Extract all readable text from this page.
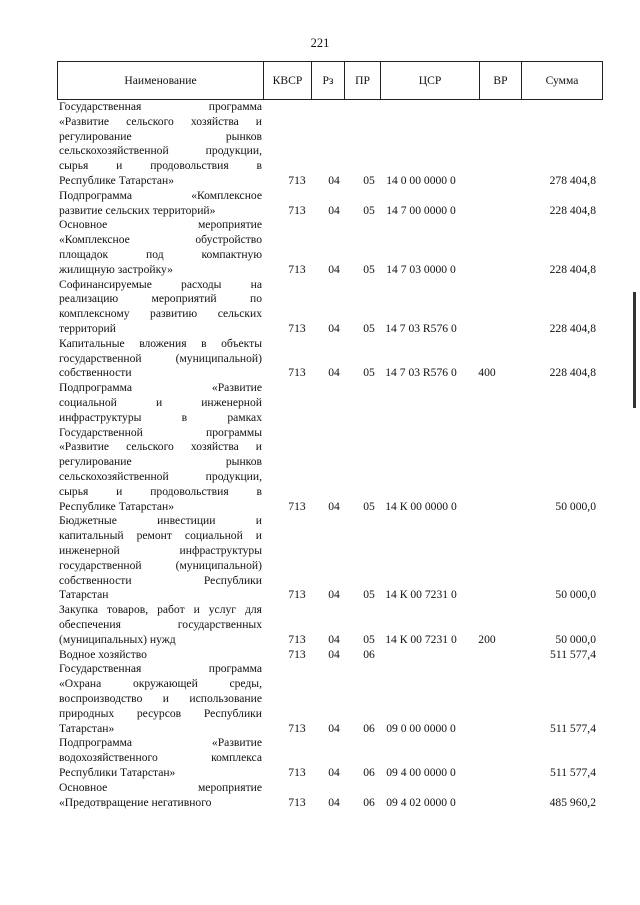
221
Наименование	КВСР	Рз	ПР	ЦСР	ВР	Сумма
Государственная программа
«Развитие сельского хозяйства и
регулирование рынков
сельскохозяйственной продукции,
сырья и продовольствия в
Республике Татарстан»	713	04	05 14 0 00 0000 0	278 404,8
Подпрограмма «Комплексное
развитие сельских территорий»	713	04	05 14 7 00 0000 0	228 404,8
Основное мероприятие
«Комплексное обустройство
площадок под компактную
жилищную застройку»	713	04	05 14 7 03 0000 0	228 404,8
Софинансируемые расходы на
реализацию мероприятий по
комплексному развитию сельских
территорий	713	04	05 14 7 03 R576 0	228 404,8
Капитальные вложения в объекты
государственной (муниципальной)
собственности	713	04	05 14 7 03 R576 0	400	228 404,8
Подпрограмма «Развитие
социальной и инженерной
инфраструктуры в рамках
Государственной программы
«Развитие сельского хозяйства и
регулирование рынков
сельскохозяйственной продукции,
сырья и продовольствия в
Республике Татарстан»	713	04	05 14 К 00 0000 0	50 000,0
Бюджетные инвестиции и
капитальный ремонт социальной и
инженерной инфраструктуры
государственной (муниципальной)
собственности Республики
Татарстан	713	04	05 14 К 00 7231 0	50 000,0
Закупка товаров, работ и услуг для
обеспечения государственных
(муниципальных) нужд	713	04	05 14 К 00 7231 0	200	50 000,0
Водное хозяйство	713	04	06	511 577,4
Государственная программа
«Охрана окружающей среды,
воспроизводство и использование
природных ресурсов Республики
Татарстан»	713	04	06 09 0 00 0000 0	511 577,4
Подпрограмма «Развитие
водохозяйственного комплекса
Республики Татарстан»	713	04	06 09 4 00 0000 0	511 577,4
Основное мероприятие
«Предотвращение негативного	713	04	06 09 4 02 0000 0	485 960,2
